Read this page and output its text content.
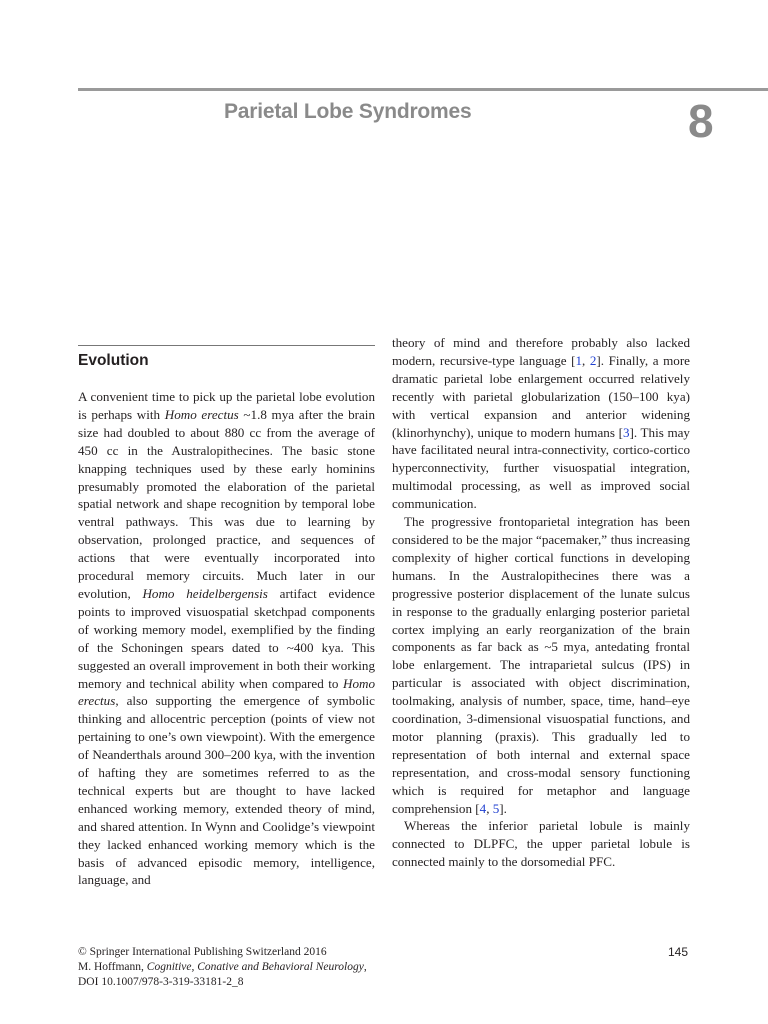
Parietal Lobe Syndromes	8
Evolution

A convenient time to pick up the parietal lobe evolution is perhaps with Homo erectus ~1.8 mya after the brain size had doubled to about 880 cc from the average of 450 cc in the Australopithecines. The basic stone knapping techniques used by these early hominins presumably promoted the elaboration of the parietal spatial network and shape recognition by temporal lobe ventral pathways. This was due to learning by observation, prolonged practice, and sequences of actions that were eventually incorporated into procedural memory circuits. Much later in our evolution, Homo heidelbergensis artifact evidence points to improved visuospatial sketchpad components of working memory model, exemplified by the finding of the Schoningen spears dated to ~400 kya. This suggested an overall improvement in both their working memory and technical ability when compared to Homo erectus, also supporting the emergence of symbolic thinking and allocentric perception (points of view not pertaining to one’s own viewpoint). With the emergence of Neanderthals around 300–200 kya, with the invention of hafting they are sometimes referred to as the technical experts but are thought to have lacked enhanced working memory, extended theory of mind, and shared attention. In Wynn and Coolidge’s viewpoint they lacked enhanced working memory which is the basis of advanced episodic memory, intelligence, language, and

theory of mind and therefore probably also lacked modern, recursive-type language [1, 2]. Finally, a more dramatic parietal lobe enlargement occurred relatively recently with parietal globularization (150–100 kya) with vertical expansion and anterior widening (klinorhynchy), unique to modern humans [3]. This may have facilitated neural intra-connectivity, cortico-cortico hyperconnectivity, further visuospatial integration, multimodal processing, as well as improved social communication.

The progressive frontoparietal integration has been considered to be the major “pacemaker,” thus increasing complexity of higher cortical functions in developing humans. In the Australopithecines there was a progressive posterior displacement of the lunate sulcus in response to the gradually enlarging posterior parietal cortex implying an early reorganization of the brain components as far back as ~5 mya, antedating frontal lobe enlargement. The intraparietal sulcus (IPS) in particular is associated with object discrimination, toolmaking, analysis of number, space, time, hand–eye coordination, 3-dimensional visuospatial functions, and motor planning (praxis). This gradually led to representation of both internal and external space representation, and cross-modal sensory functioning which is required for metaphor and language comprehension [4, 5].

Whereas the inferior parietal lobule is mainly connected to DLPFC, the upper parietal lobule is connected mainly to the dorsomedial PFC.

© Springer International Publishing Switzerland 2016
M. Hoffmann, Cognitive, Conative and Behavioral Neurology,
DOI 10.1007/978-3-319-33181-2_8
145
